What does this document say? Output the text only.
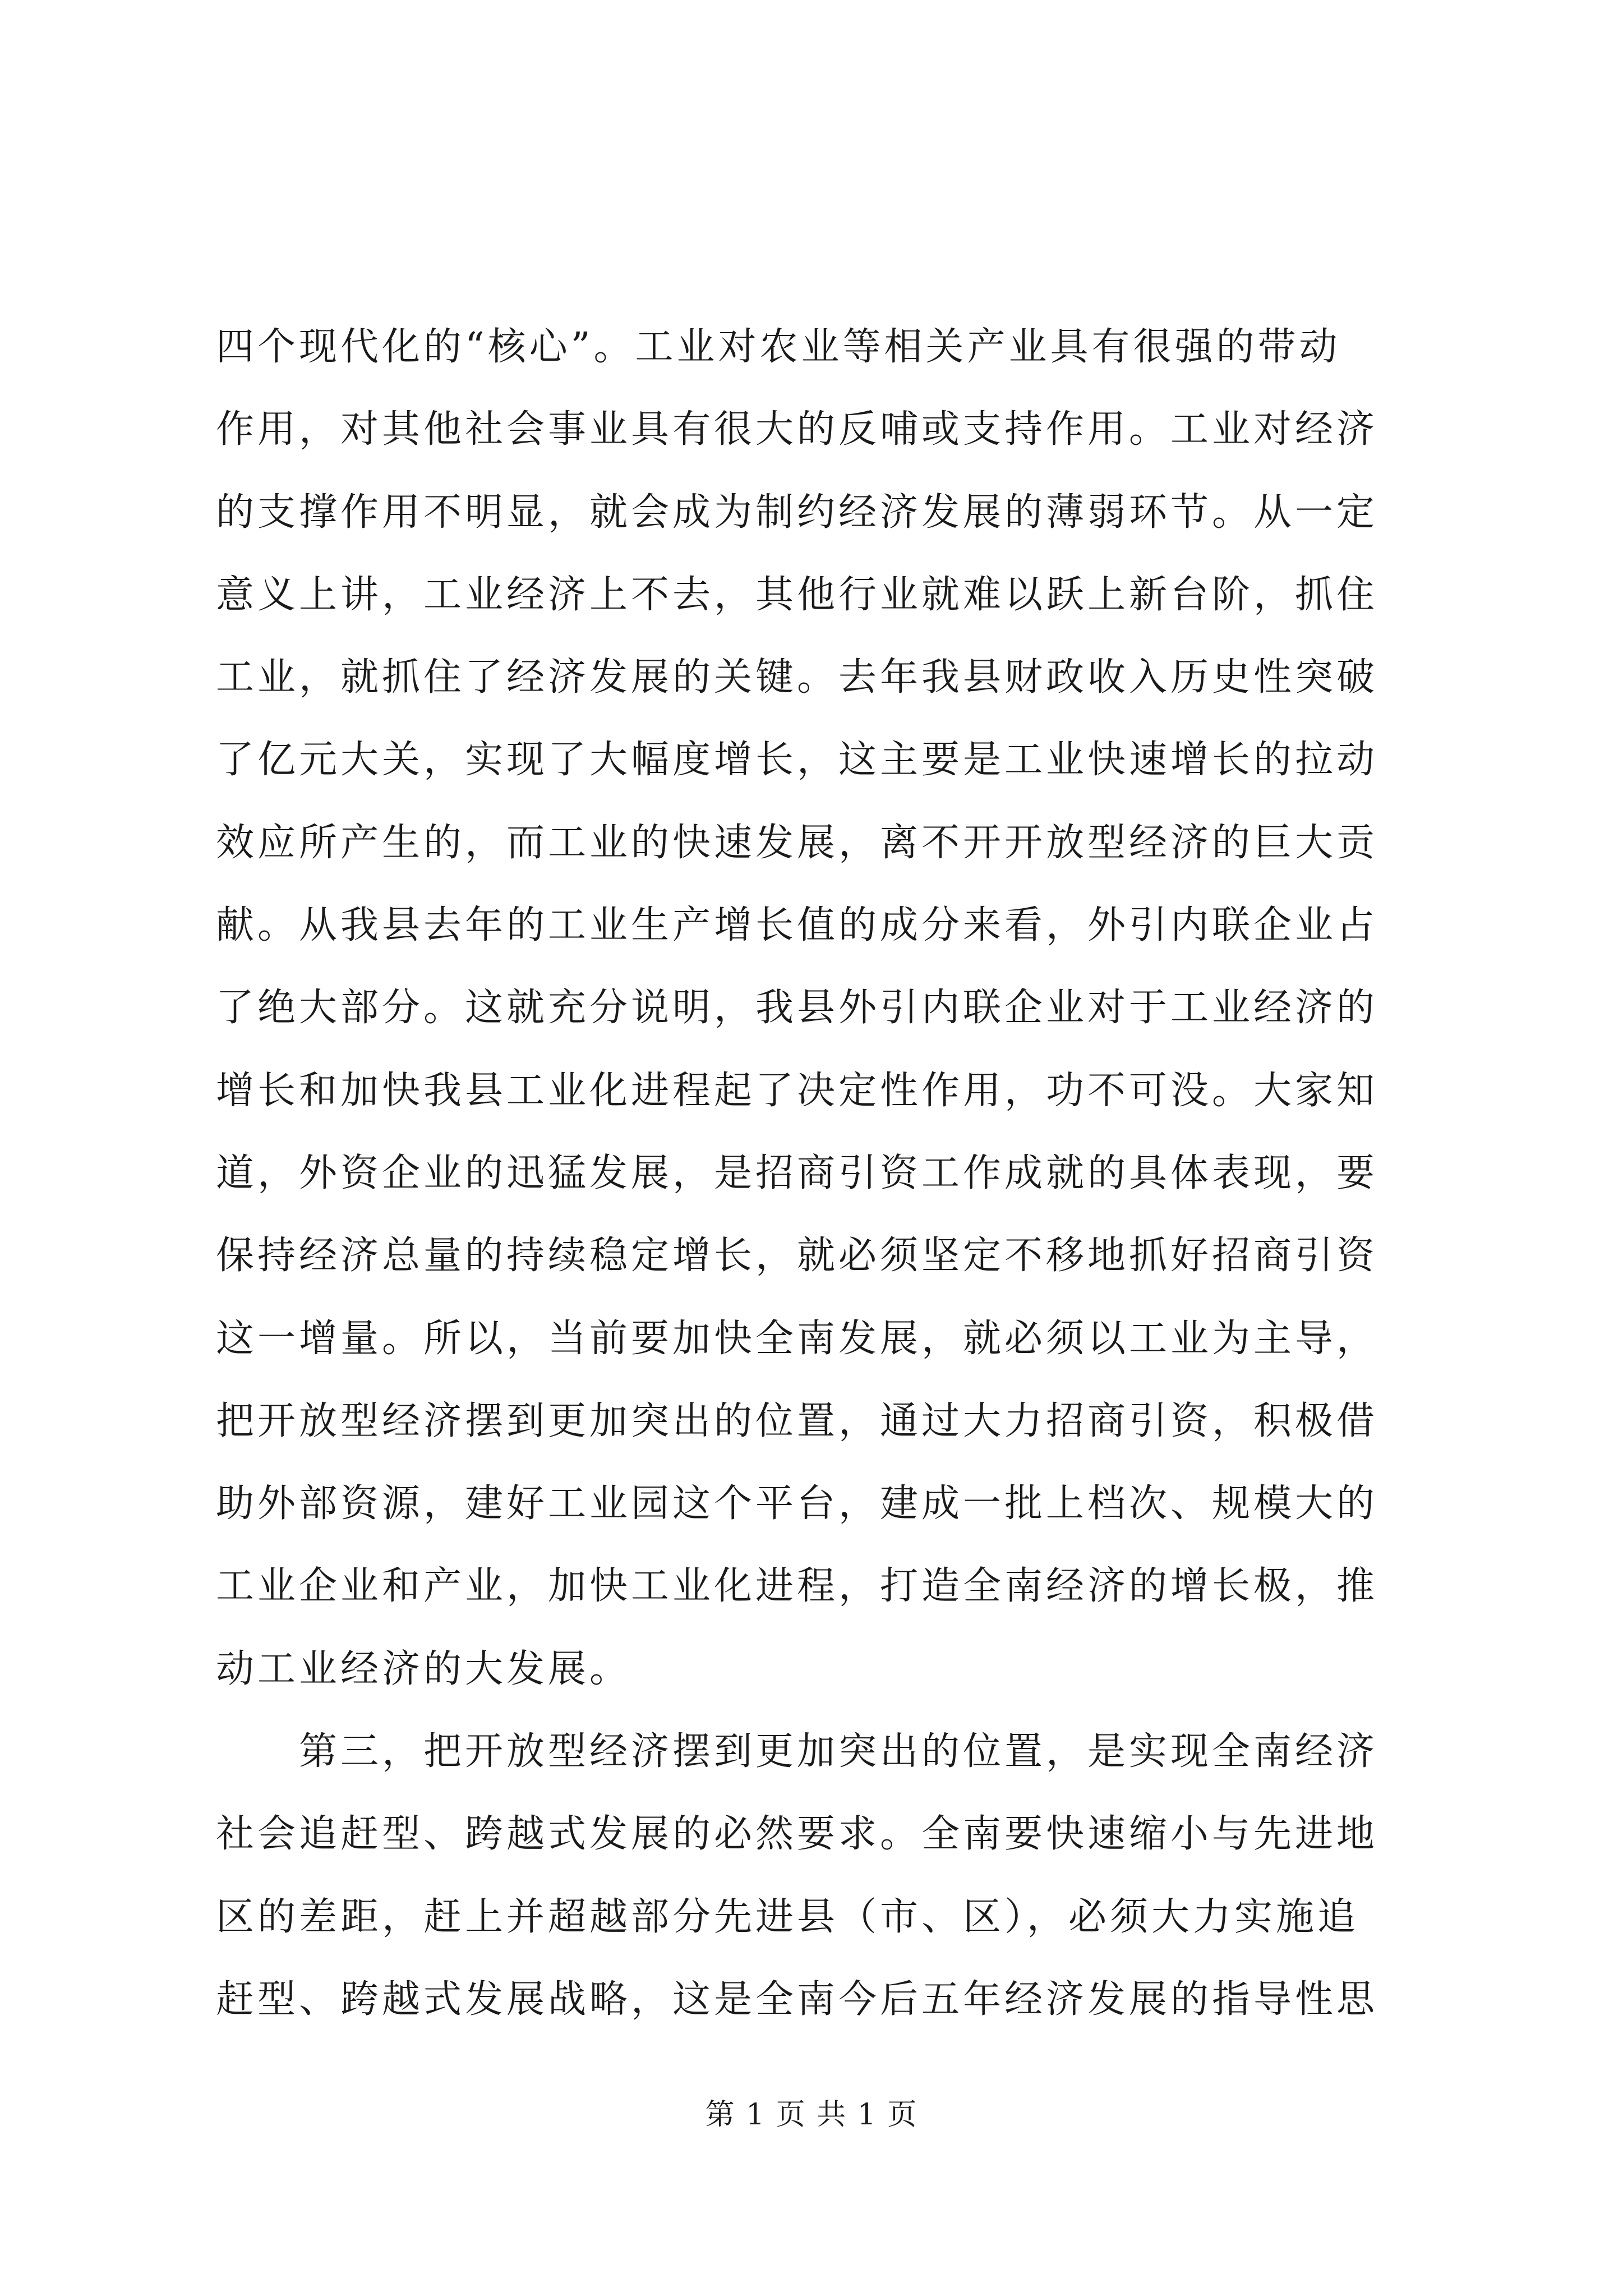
四个现代化的“核心”。工业对农业等相关产业具有很强的带动
作用，对其他社会事业具有很大的反哺或支持作用。工业对经济
的支撑作用不明显，就会成为制约经济发展的薄弱环节。从一定
意义上讲，工业经济上不去，其他行业就难以跃上新台阶，抓住
工业，就抓住了经济发展的关键。去年我县财政收入历史性突破
了亿元大关，实现了大幅度增长，这主要是工业快速增长的拉动
效应所产生的，而工业的快速发展，离不开开放型经济的巨大贡
献。从我县去年的工业生产增长值的成分来看，外引内联企业占
了绝大部分。这就充分说明，我县外引内联企业对于工业经济的
增长和加快我县工业化进程起了决定性作用，功不可没。大家知
道，外资企业的迅猛发展，是招商引资工作成就的具体表现，要
保持经济总量的持续稳定增长，就必须坚定不移地抓好招商引资
这一增量。所以，当前要加快全南发展，就必须以工业为主导，
把开放型经济摆到更加突出的位置，通过大力招商引资，积极借
助外部资源，建好工业园这个平台，建成一批上档次、规模大的
工业企业和产业，加快工业化进程，打造全南经济的增长极，推
动工业经济的大发展。
　　第三，把开放型经济摆到更加突出的位置，是实现全南经济
社会追赶型、跨越式发展的必然要求。全南要快速缩小与先进地
区的差距，赶上并超越部分先进县（市、区），必须大力实施追
赶型、跨越式发展战略，这是全南今后五年经济发展的指导性思
第 1 页 共 1 页
